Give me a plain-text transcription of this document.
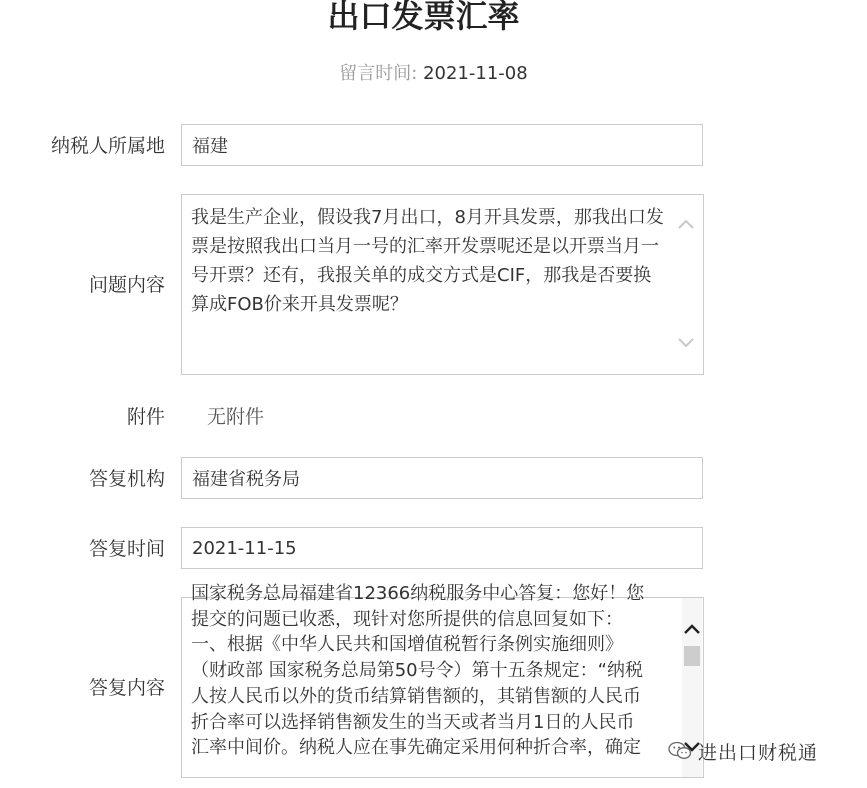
出口发票汇率
留言时间: 2021-11-08
纳税人所属地 福建
问题内容
我是生产企业，假设我7月出口，8月开具发票，那我出口发票是按照我出口当月一号的汇率开发票呢还是以开票当月一号开票？还有，我报关单的成交方式是CIF，那我是否要换算成FOB价来开具发票呢？
附件 无附件
答复机构 福建省税务局
答复时间 2021-11-15
答复内容
国家税务总局福建省12366纳税服务中心答复：您好！您
提交的问题已收悉，现针对您所提供的信息回复如下：
一、根据《中华人民共和国增值税暂行条例实施细则》
（财政部 国家税务总局第50号令）第十五条规定：“纳税
人按人民币以外的货币结算销售额的，其销售额的人民币
折合率可以选择销售额发生的当天或者当月1日的人民币
汇率中间价。纳税人应在事先确定采用何种折合率，确定	进出口财税通
